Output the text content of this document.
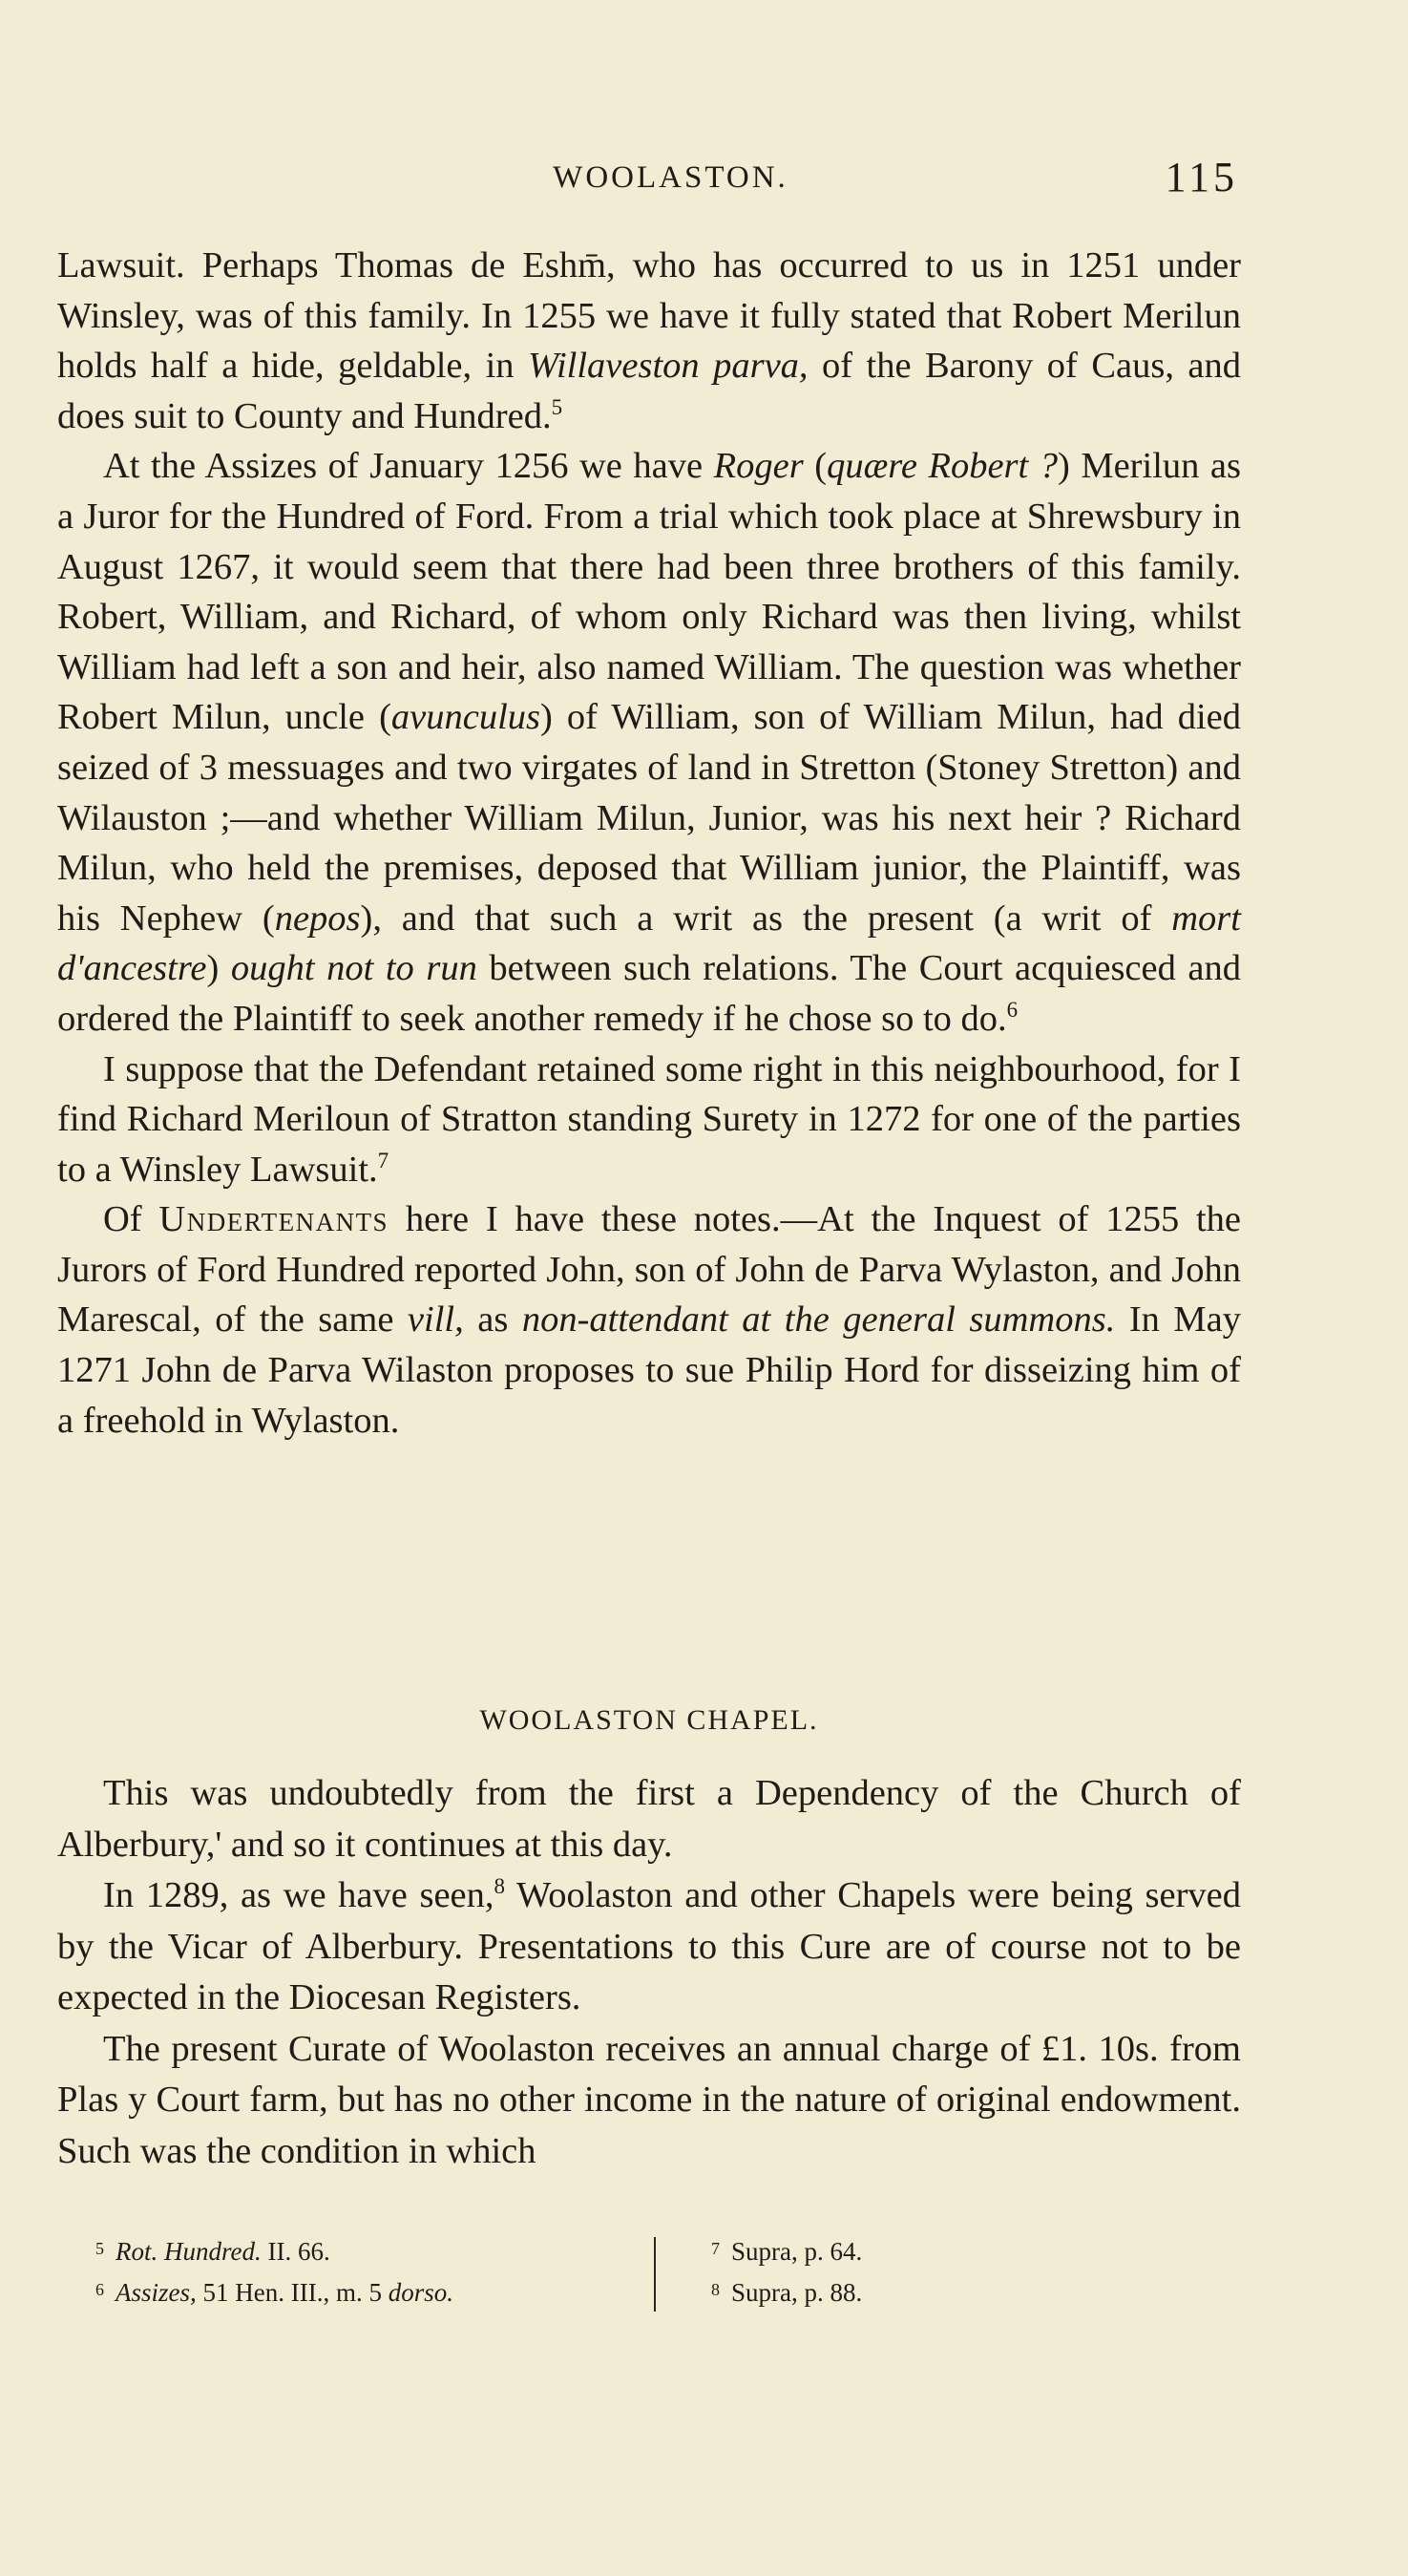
WOOLASTON.	115

Lawsuit. Perhaps Thomas de Eshm̄, who has occurred to us in 1251 under Winsley, was of this family. In 1255 we have it fully stated that Robert Merilun holds half a hide, geldable, in Willaveston parva, of the Barony of Caus, and does suit to County and Hundred.$^5$

At the Assizes of January 1256 we have Roger (quære Robert ?) Merilun as a Juror for the Hundred of Ford. From a trial which took place at Shrewsbury in August 1267, it would seem that there had been three brothers of this family. Robert, William, and Richard, of whom only Richard was then living, whilst William had left a son and heir, also named William. The question was whether Robert Milun, uncle (avunculus) of William, son of William Milun, had died seized of 3 messuages and two virgates of land in Stretton (Stoney Stretton) and Wilauston ;—and whether William Milun, Junior, was his next heir ? Richard Milun, who held the premises, deposed that William junior, the Plaintiff, was his Nephew (nepos), and that such a writ as the present (a writ of mort d'ancestre) ought not to run between such relations. The Court acquiesced and ordered the Plaintiff to seek another remedy if he chose so to do.$^6$

I suppose that the Defendant retained some right in this neighbourhood, for I find Richard Meriloun of Stratton standing Surety in 1272 for one of the parties to a Winsley Lawsuit.$^7$

Of Undertenants here I have these notes.—At the Inquest of 1255 the Jurors of Ford Hundred reported John, son of John de Parva Wylaston, and John Marescal, of the same vill, as non-attendant at the general summons. In May 1271 John de Parva Wilaston proposes to sue Philip Hord for disseizing him of a freehold in Wylaston.

WOOLASTON CHAPEL.

This was undoubtedly from the first a Dependency of the Church of Alberbury,' and so it continues at this day.

In 1289, as we have seen,$^8$ Woolaston and other Chapels were being served by the Vicar of Alberbury. Presentations to this Cure are of course not to be expected in the Diocesan Registers.

The present Curate of Woolaston receives an annual charge of £1. 10s. from Plas y Court farm, but has no other income in the nature of original endowment. Such was the condition in which

$^5$ Rot. Hundred. II. 66.
$^6$ Assizes, 51 Hen. III., m. 5 dorso.
$^7$ Supra, p. 64.
$^8$ Supra, p. 88.
